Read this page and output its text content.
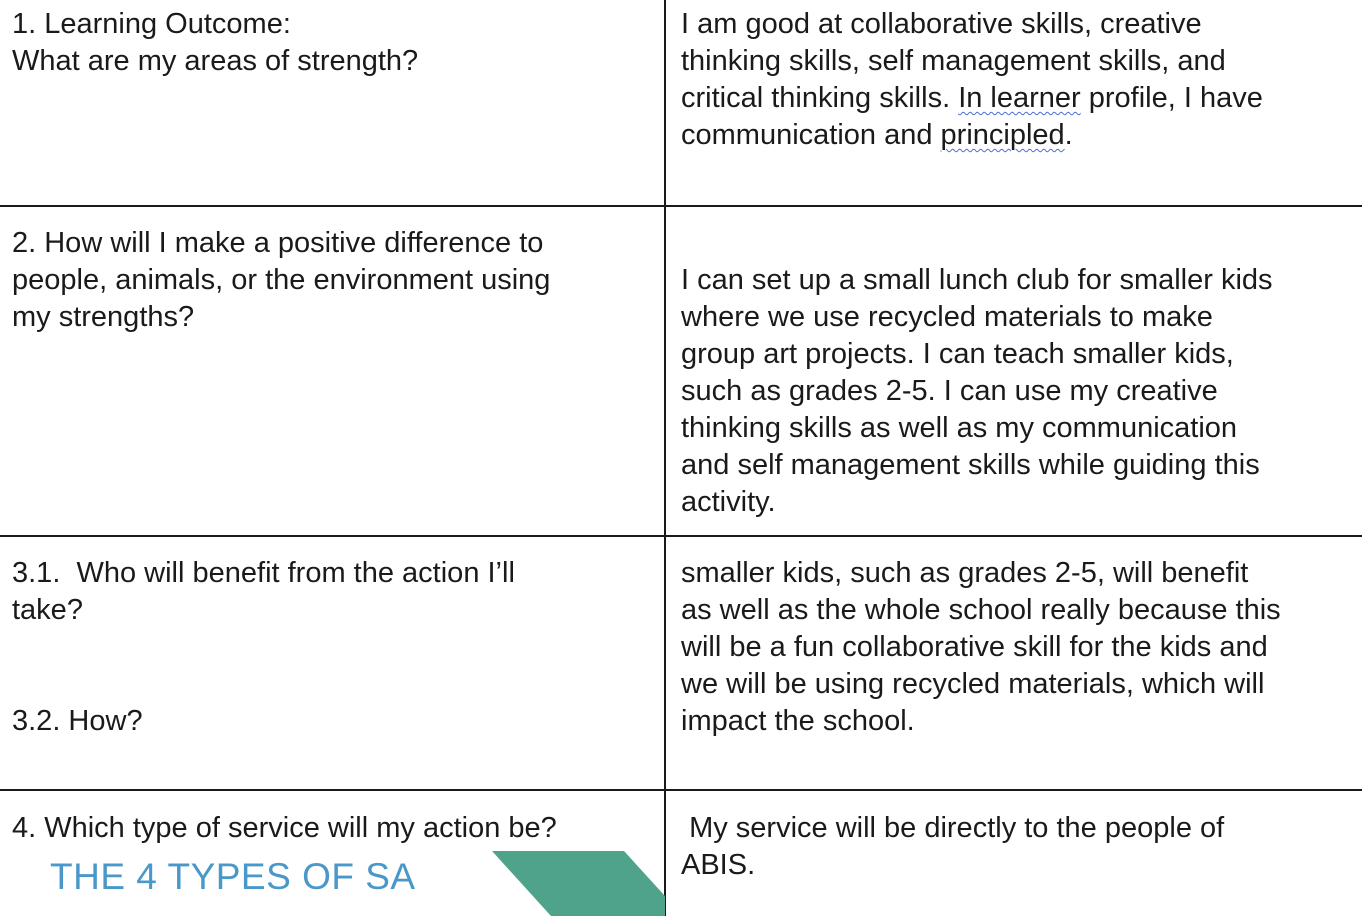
1. Learning Outcome:
What are my areas of strength?
I am good at collaborative skills, creative
thinking skills, self management skills, and
critical thinking skills. In learner profile, I have
communication and principled.
2. How will I make a positive difference to
people, animals, or the environment using
my strengths?
I can set up a small lunch club for smaller kids
where we use recycled materials to make
group art projects. I can teach smaller kids,
such as grades 2-5. I can use my creative
thinking skills as well as my communication
and self management skills while guiding this
activity.
3.1.  Who will benefit from the action I’ll
take?
3.2. How?
smaller kids, such as grades 2-5, will benefit
as well as the whole school really because this
will be a fun collaborative skill for the kids and
we will be using recycled materials, which will
impact the school.
4. Which type of service will my action be?	My service will be directly to the people of
ABIS.
THE 4 TYPES OF SA
